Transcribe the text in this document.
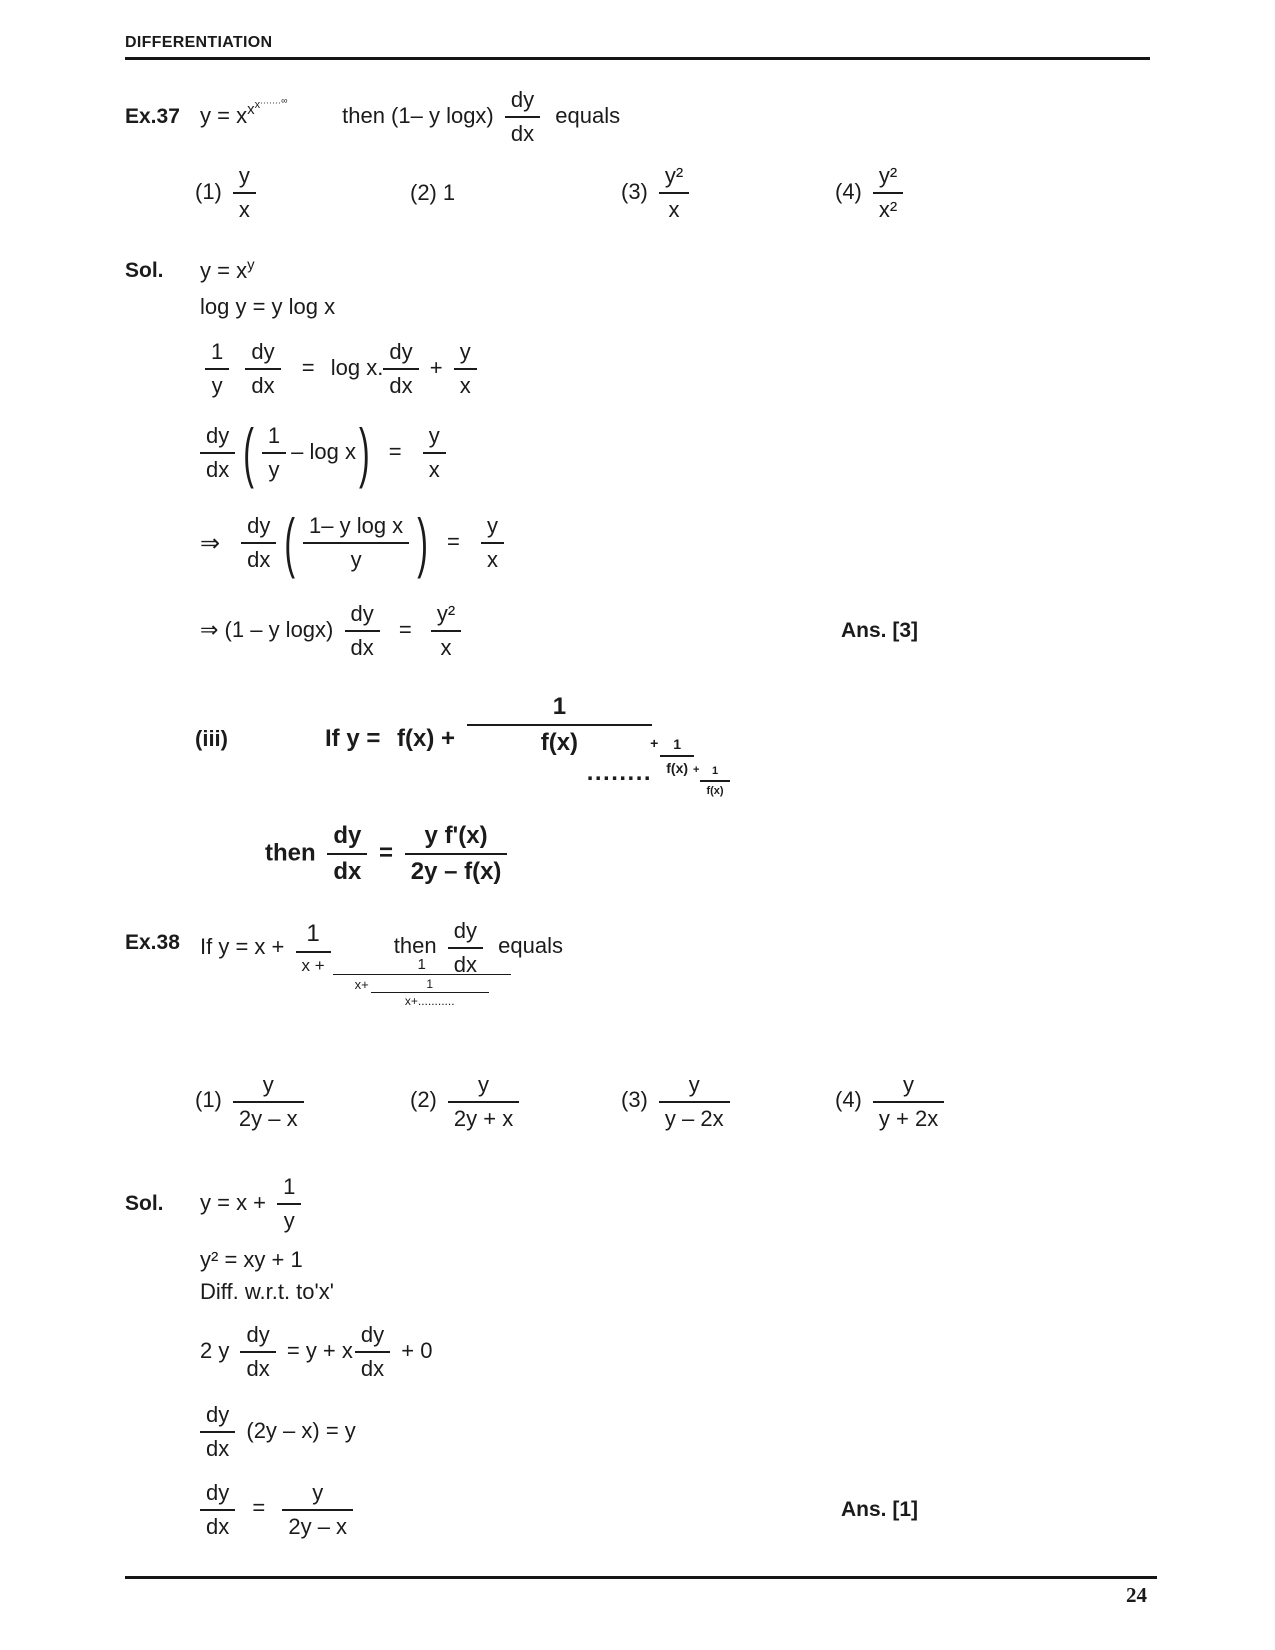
DIFFERENTIATION
Ex.37 $y = x^{x^{x^{.......\infty}}}$ then (1– y $\log x) \frac{dy}{dx}$ equals
$(1) \frac{y}{x}$	(2) 1	$(3) \frac{\text{y²}}{x}$	$(4) \frac{\text{y²}}{\text{x²}}$
Sol. $y = x^y$
log y = y log x
$\frac{1}{y}$
$\frac{dy}{dx} = \log x$. $\frac{dy}{dx} + \frac{y}{x}$
$\frac{dy}{dx}$ ( $\frac{1}{y} - \log x) = \frac{y}{x}$
⇒ $\frac{dy}{dx}$ ( $\frac{\text{1– y log x}}{y}$ ) = $\frac{y}{x}$
⇒ (1 – y $\log x) \frac{dy}{dx} = \frac{\text{y²}}{x}$	Ans. [3]
(iii)	If y = f(x) +
1
f(x)	+ $\frac{1}{f(x) + \frac{1}{f(x)}}$
........
then $\frac{dy}{dx} = \frac{\text{y f'(x)}}{2y - f(x)}$
Ex.38 If $y = x + \frac{1}{x + \frac{1}{x+ \frac{1}{x+...........}}}$	then $\frac{dy}{dx}$ equals
$(1) \frac{y}{2y - x}$	$(2) \frac{y}{2y + x}$	$(3) \frac{y}{y - 2x}$	$(4) \frac{y}{y + 2x}$
Sol. $y = x + \frac{1}{y}$
y² = xy + 1
Diff. w.r.t. to'x'
2 y $\frac{dy}{dx} = y + x \frac{dy}{dx} + 0$
$\frac{dy}{dx} (2y - x) = y$
$\frac{dy}{dx} = \frac{y}{2y - x}$	Ans. [1]
24
